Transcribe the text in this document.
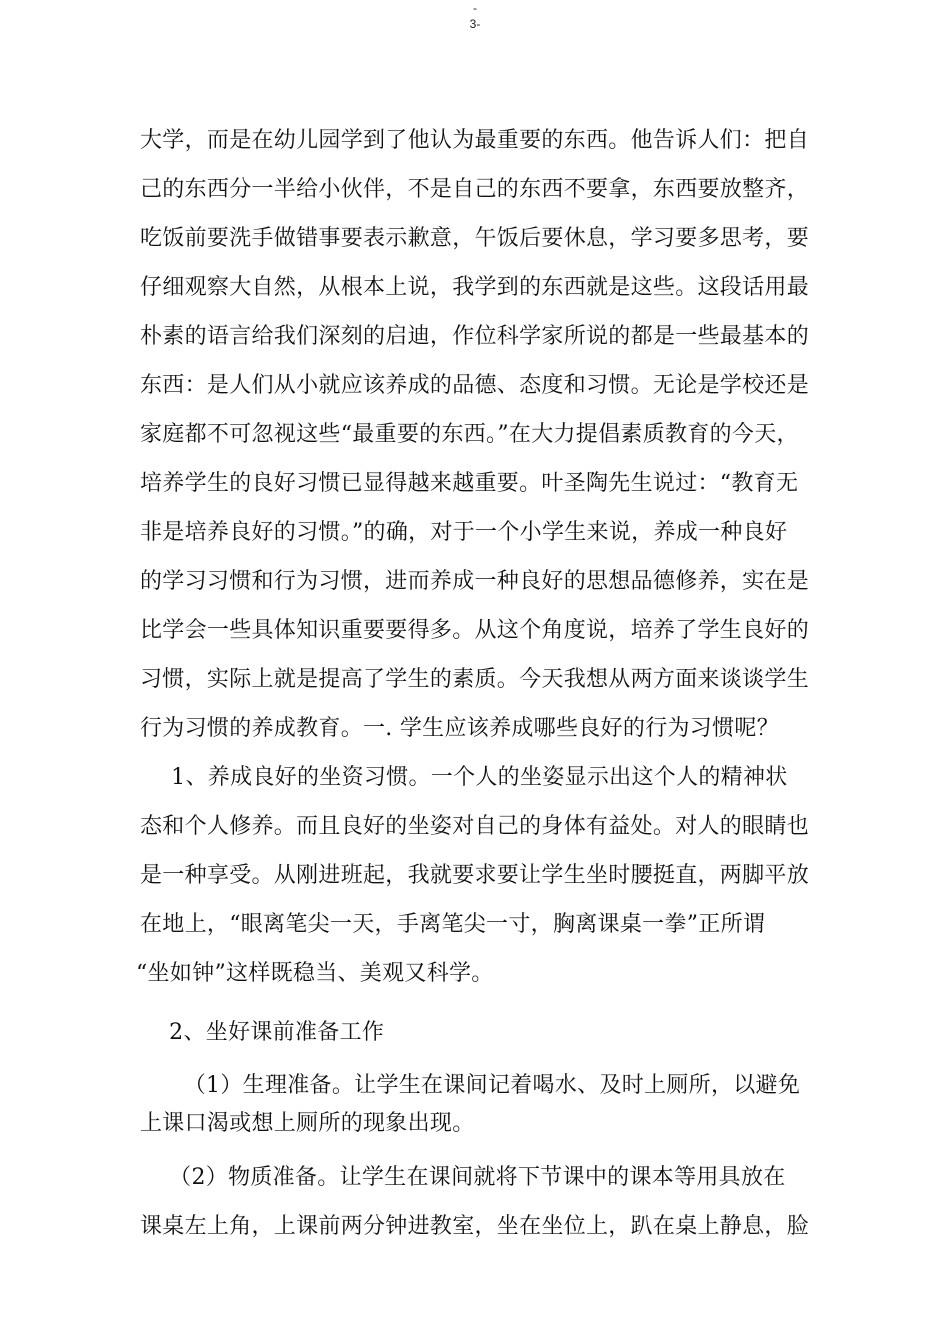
-
3-
大学，而是在幼儿园学到了他认为最重要的东西。他告诉人们：把自
己的东西分一半给小伙伴，不是自己的东西不要拿，东西要放整齐，
吃饭前要洗手做错事要表示歉意，午饭后要休息，学习要多思考，要
仔细观察大自然，从根本上说，我学到的东西就是这些。这段话用最
朴素的语言给我们深刻的启迪，作位科学家所说的都是一些最基本的
东西：是人们从小就应该养成的品德、态度和习惯。无论是学校还是
家庭都不可忽视这些“最重要的东西。”在大力提倡素质教育的今天，
培养学生的良好习惯已显得越来越重要。叶圣陶先生说过：“教育无
非是培养良好的习惯。”的确，对于一个小学生来说，养成一种良好
的学习习惯和行为习惯，进而养成一种良好的思想品德修养，实在是
比学会一些具体知识重要要得多。从这个角度说，培养了学生良好的
习惯，实际上就是提高了学生的素质。今天我想从两方面来谈谈学生
行为习惯的养成教育。一. 学生应该养成哪些良好的行为习惯呢？
1、养成良好的坐资习惯。一个人的坐姿显示出这个人的精神状
态和个人修养。而且良好的坐姿对自己的身体有益处。对人的眼睛也
是一种享受。从刚进班起，我就要求要让学生坐时腰挺直，两脚平放
在地上，“眼离笔尖一天，手离笔尖一寸，胸离课桌一拳”正所谓
“坐如钟”这样既稳当、美观又科学。
2、坐好课前准备工作
（1）生理准备。让学生在课间记着喝水、及时上厕所，以避免
上课口渴或想上厕所的现象出现。
（2）物质准备。让学生在课间就将下节课中的课本等用具放在
课桌左上角，上课前两分钟进教室，坐在坐位上，趴在桌上静息，脸
